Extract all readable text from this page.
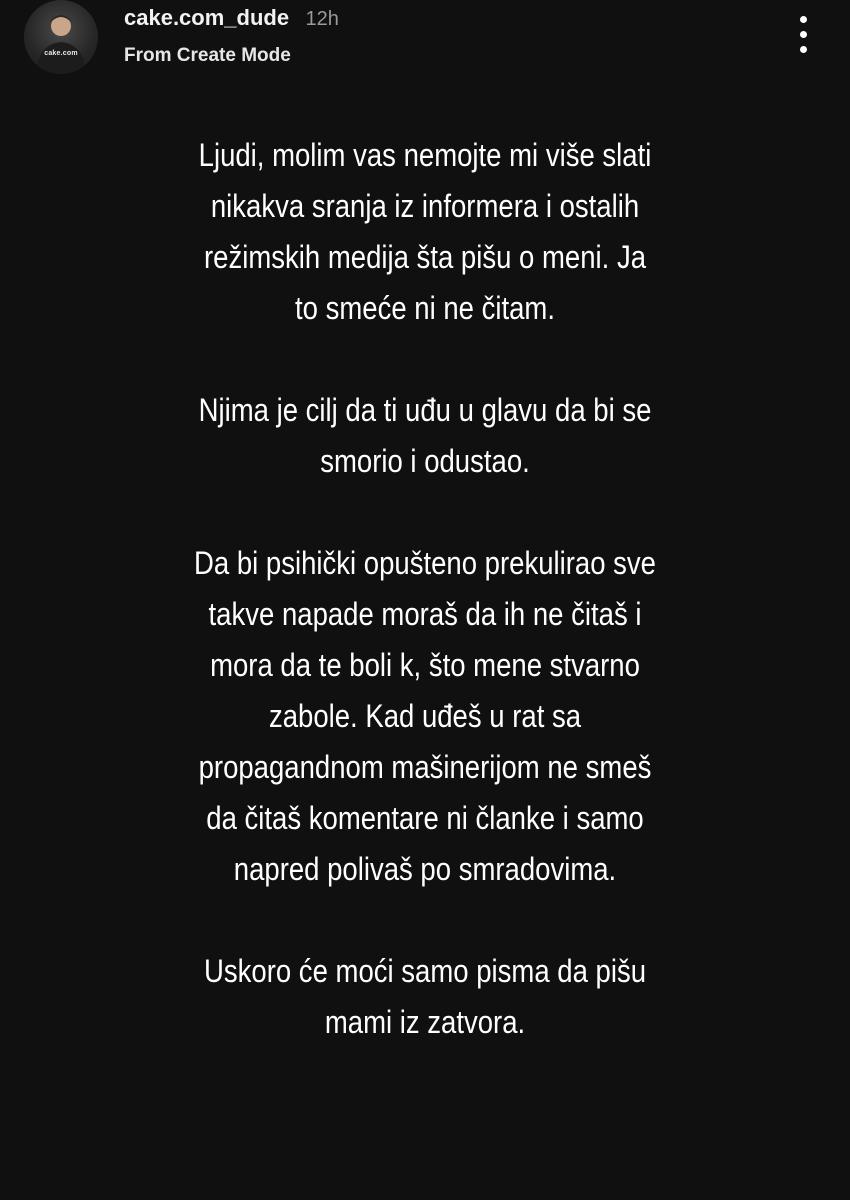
cake.com
cake.com_dude 12h
From Create Mode

Ljudi, molim vas nemojte mi više slati
nikakva sranja iz informera i ostalih
režimskih medija šta pišu o meni. Ja
to smeće ni ne čitam.

Njima je cilj da ti uđu u glavu da bi se
smorio i odustao.

Da bi psihički opušteno prekulirao sve
takve napade moraš da ih ne čitaš i
mora da te boli k, što mene stvarno
zabole. Kad uđeš u rat sa
propagandnom mašinerijom ne smeš
da čitaš komentare ni članke i samo
napred polivaš po smradovima.

Uskoro će moći samo pisma da pišu
mami iz zatvora.
